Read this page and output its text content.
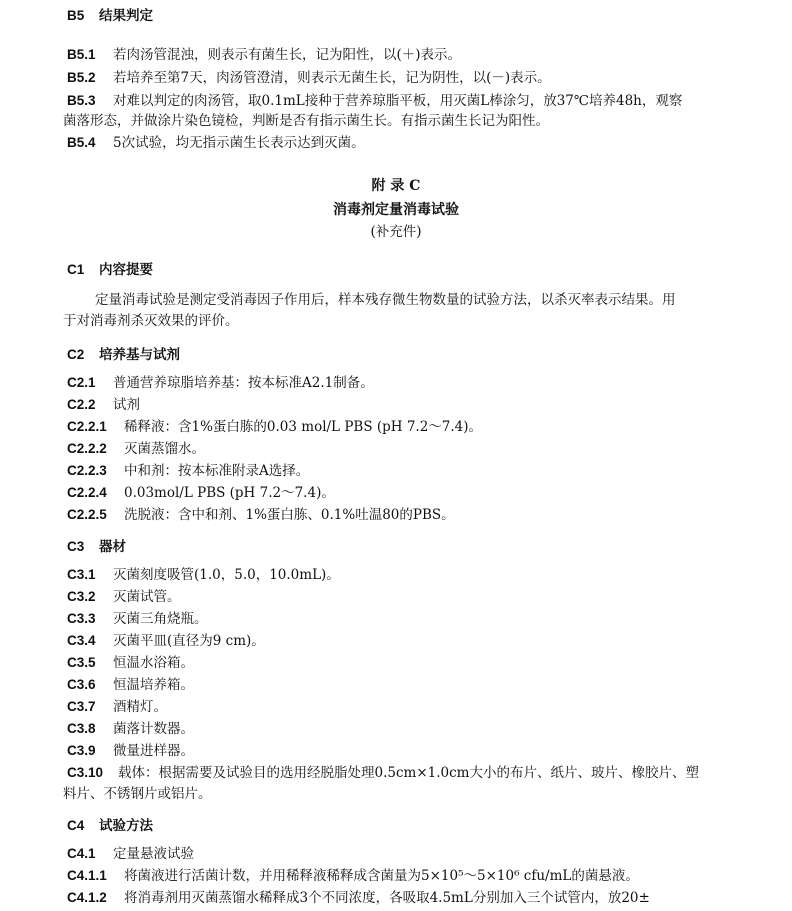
B5 结果判定
B5.1 若肉汤管混浊，则表示有菌生长，记为阳性，以(＋)表示。
B5.2 若培养至第7天，肉汤管澄清，则表示无菌生长，记为阴性，以(－)表示。
B5.3 对难以判定的肉汤管，取0.1mL接种于营养琼脂平板，用灭菌L棒涂匀，放37℃培养48h，观察
菌落形态，并做涂片染色镜检，判断是否有指示菌生长。有指示菌生长记为阳性。
B5.4 5次试验，均无指示菌生长表示达到灭菌。
附 录 C
消毒剂定量消毒试验
(补充件)
C1 内容提要
定量消毒试验是测定受消毒因子作用后，样本残存微生物数量的试验方法，以杀灭率表示结果。用
于对消毒剂杀灭效果的评价。
C2 培养基与试剂
C2.1 普通营养琼脂培养基：按本标准A2.1制备。
C2.2 试剂
C2.2.1 稀释液：含1%蛋白胨的0.03 mol/L PBS (pH 7.2～7.4)。
C2.2.2 灭菌蒸馏水。
C2.2.3 中和剂：按本标准附录A选择。
C2.2.4 0.03mol/L PBS (pH 7.2～7.4)。
C2.2.5 洗脱液：含中和剂、1%蛋白胨、0.1%吐温80的PBS。
C3 器材
C3.1 灭菌刻度吸管(1.0，5.0，10.0mL)。
C3.2 灭菌试管。
C3.3 灭菌三角烧瓶。
C3.4 灭菌平皿(直径为9 cm)。
C3.5 恒温水浴箱。
C3.6 恒温培养箱。
C3.7 酒精灯。
C3.8 菌落计数器。
C3.9 微量进样器。
C3.10 载体：根据需要及试验目的选用经脱脂处理0.5cm×1.0cm大小的布片、纸片、玻片、橡胶片、塑
料片、不锈钢片或铝片。
C4 试验方法
C4.1 定量悬液试验
C4.1.1 将菌液进行活菌计数，并用稀释液稀释成含菌量为5×10⁵～5×10⁶ cfu/mL的菌悬液。
C4.1.2 将消毒剂用灭菌蒸馏水稀释成3个不同浓度，各吸取4.5mL分别加入三个试管内，放20±
